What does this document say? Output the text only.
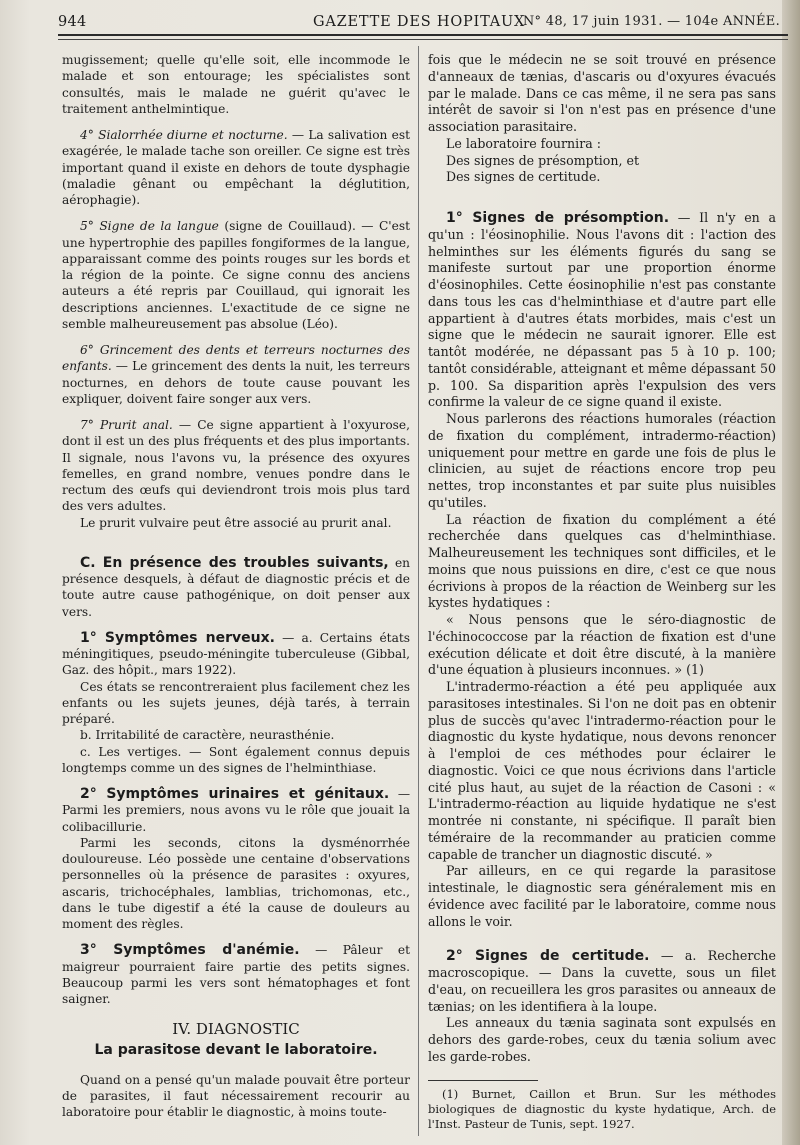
944	GAZETTE DES HOPITAUX
N° 48, 17 juin 1931. — 104e ANNÉE.

mugissement; quelle qu'elle soit, elle incommode le malade et son entourage; les spécialistes sont consultés, mais le malade ne guérit qu'avec le traitement anthelmintique.

4° Sialorrhée diurne et nocturne. — La salivation est exagérée, le malade tache son oreiller. Ce signe est très important quand il existe en dehors de toute dysphagie (maladie gênant ou empêchant la déglutition, aérophagie).

5° Signe de la langue (signe de Couillaud). — C'est une hypertrophie des papilles fongiformes de la langue, apparaissant comme des points rouges sur les bords et la région de la pointe. Ce signe connu des anciens auteurs a été repris par Couillaud, qui ignorait les descriptions anciennes. L'exactitude de ce signe ne semble malheureusement pas absolue (Léo).

6° Grincement des dents et terreurs nocturnes des enfants. — Le grincement des dents la nuit, les terreurs nocturnes, en dehors de toute cause pouvant les expliquer, doivent faire songer aux vers.

7° Prurit anal. — Ce signe appartient à l'oxyurose, dont il est un des plus fréquents et des plus importants. Il signale, nous l'avons vu, la présence des oxyures femelles, en grand nombre, venues pondre dans le rectum des œufs qui deviendront trois mois plus tard des vers adultes.

Le prurit vulvaire peut être associé au prurit anal.

C. En présence des troubles suivants, en présence desquels, à défaut de diagnostic précis et de toute autre cause pathogénique, on doit penser aux vers.

1° Symptômes nerveux. — a. Certains états méningitiques, pseudo-méningite tuberculeuse (Gibbal, Gaz. des hôpit., mars 1922).

Ces états se rencontreraient plus facilement chez les enfants ou les sujets jeunes, déjà tarés, à terrain préparé.

b. Irritabilité de caractère, neurasthénie.

c. Les vertiges. — Sont également connus depuis longtemps comme un des signes de l'helminthiase.

2° Symptômes urinaires et génitaux. — Parmi les premiers, nous avons vu le rôle que jouait la colibacillurie.

Parmi les seconds, citons la dysménorrhée douloureuse. Léo possède une centaine d'observations personnelles où la présence de parasites : oxyures, ascaris, trichocéphales, lamblias, trichomonas, etc., dans le tube digestif a été la cause de douleurs au moment des règles.

3° Symptômes d'anémie. — Pâleur et maigreur pourraient faire partie des petits signes. Beaucoup parmi les vers sont hématophages et font saigner.

IV. DIAGNOSTIC

La parasitose devant le laboratoire.

Quand on a pensé qu'un malade pouvait être porteur de parasites, il faut nécessairement recourir au laboratoire pour établir le diagnostic, à moins toute-

fois que le médecin ne se soit trouvé en présence d'anneaux de tænias, d'ascaris ou d'oxyures évacués par le malade. Dans ce cas même, il ne sera pas sans intérêt de savoir si l'on n'est pas en présence d'une association parasitaire.

Le laboratoire fournira :

Des signes de présomption, et

Des signes de certitude.

1° Signes de présomption. — Il n'y en a qu'un : l'éosinophilie. Nous l'avons dit : l'action des helminthes sur les éléments figurés du sang se manifeste surtout par une proportion énorme d'éosinophiles. Cette éosinophilie n'est pas constante dans tous les cas d'helminthiase et d'autre part elle appartient à d'autres états morbides, mais c'est un signe que le médecin ne saurait ignorer. Elle est tantôt modérée, ne dépassant pas 5 à 10 p. 100; tantôt considérable, atteignant et même dépassant 50 p. 100. Sa disparition après l'expulsion des vers confirme la valeur de ce signe quand il existe.

Nous parlerons des réactions humorales (réaction de fixation du complément, intradermo-réaction) uniquement pour mettre en garde une fois de plus le clinicien, au sujet de réactions encore trop peu nettes, trop inconstantes et par suite plus nuisibles qu'utiles.

La réaction de fixation du complément a été recherchée dans quelques cas d'helminthiase. Malheureusement les techniques sont difficiles, et le moins que nous puissions en dire, c'est ce que nous écrivions à propos de la réaction de Weinberg sur les kystes hydatiques :

« Nous pensons que le séro-diagnostic de l'échinococcose par la réaction de fixation est d'une exécution délicate et doit être discuté, à la manière d'une équation à plusieurs inconnues. » (1)

L'intradermo-réaction a été peu appliquée aux parasitoses intestinales. Si l'on ne doit pas en obtenir plus de succès qu'avec l'intradermo-réaction pour le diagnostic du kyste hydatique, nous devons renoncer à l'emploi de ces méthodes pour éclairer le diagnostic. Voici ce que nous écrivions dans l'article cité plus haut, au sujet de la réaction de Casoni : « L'intradermo-réaction au liquide hydatique ne s'est montrée ni constante, ni spécifique. Il paraît bien téméraire de la recommander au praticien comme capable de trancher un diagnostic discuté. »

Par ailleurs, en ce qui regarde la parasitose intestinale, le diagnostic sera généralement mis en évidence avec facilité par le laboratoire, comme nous allons le voir.

2° Signes de certitude. — a. Recherche macroscopique. — Dans la cuvette, sous un filet d'eau, on recueillera les gros parasites ou anneaux de tænias; on les identifiera à la loupe.

Les anneaux du tænia saginata sont expulsés en dehors des garde-robes, ceux du tænia solium avec les garde-robes.

(1) Burnet, Caillon et Brun. Sur les méthodes biologiques de diagnostic du kyste hydatique, Arch. de l'Inst. Pasteur de Tunis, sept. 1927.
